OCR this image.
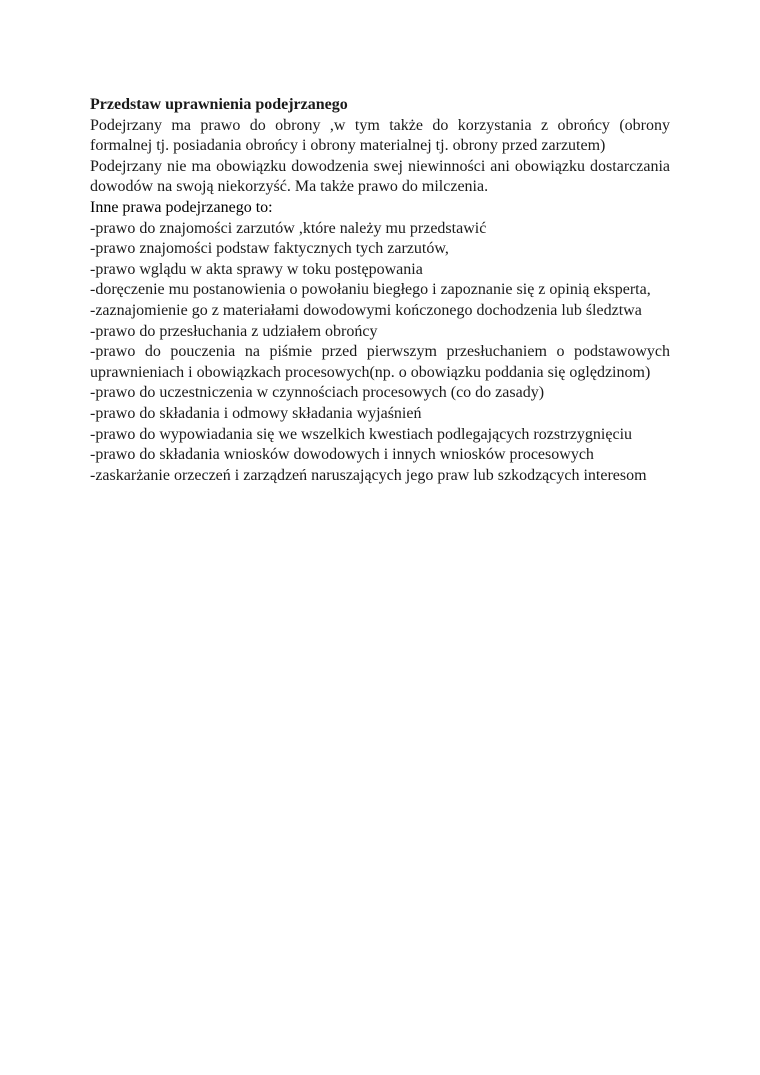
Przedstaw uprawnienia podejrzanego

Podejrzany ma prawo do obrony ,w tym także do korzystania z obrońcy (obrony formalnej tj. posiadania obrońcy i obrony materialnej tj. obrony przed zarzutem)

Podejrzany nie ma obowiązku dowodzenia swej niewinności ani obowiązku dostarczania dowodów na swoją niekorzyść. Ma także prawo do milczenia.

Inne prawa podejrzanego to:

-prawo do znajomości zarzutów ,które należy mu przedstawić
-prawo znajomości podstaw faktycznych tych zarzutów,
-prawo wglądu w akta sprawy w toku postępowania
-doręczenie mu postanowienia o powołaniu biegłego i zapoznanie się z opinią eksperta,
-zaznajomienie go z materiałami dowodowymi kończonego dochodzenia lub śledztwa
-prawo do przesłuchania z udziałem obrońcy
-prawo do pouczenia na piśmie przed pierwszym przesłuchaniem o podstawowych uprawnieniach i obowiązkach procesowych(np. o obowiązku poddania się oględzinom)
-prawo do uczestniczenia w czynnościach procesowych (co do zasady)
-prawo do składania i odmowy składania wyjaśnień
-prawo do wypowiadania się we wszelkich kwestiach podlegających rozstrzygnięciu
-prawo do składania wniosków dowodowych i innych wniosków procesowych
-zaskarżanie orzeczeń i zarządzeń naruszających jego praw lub szkodzących interesom
